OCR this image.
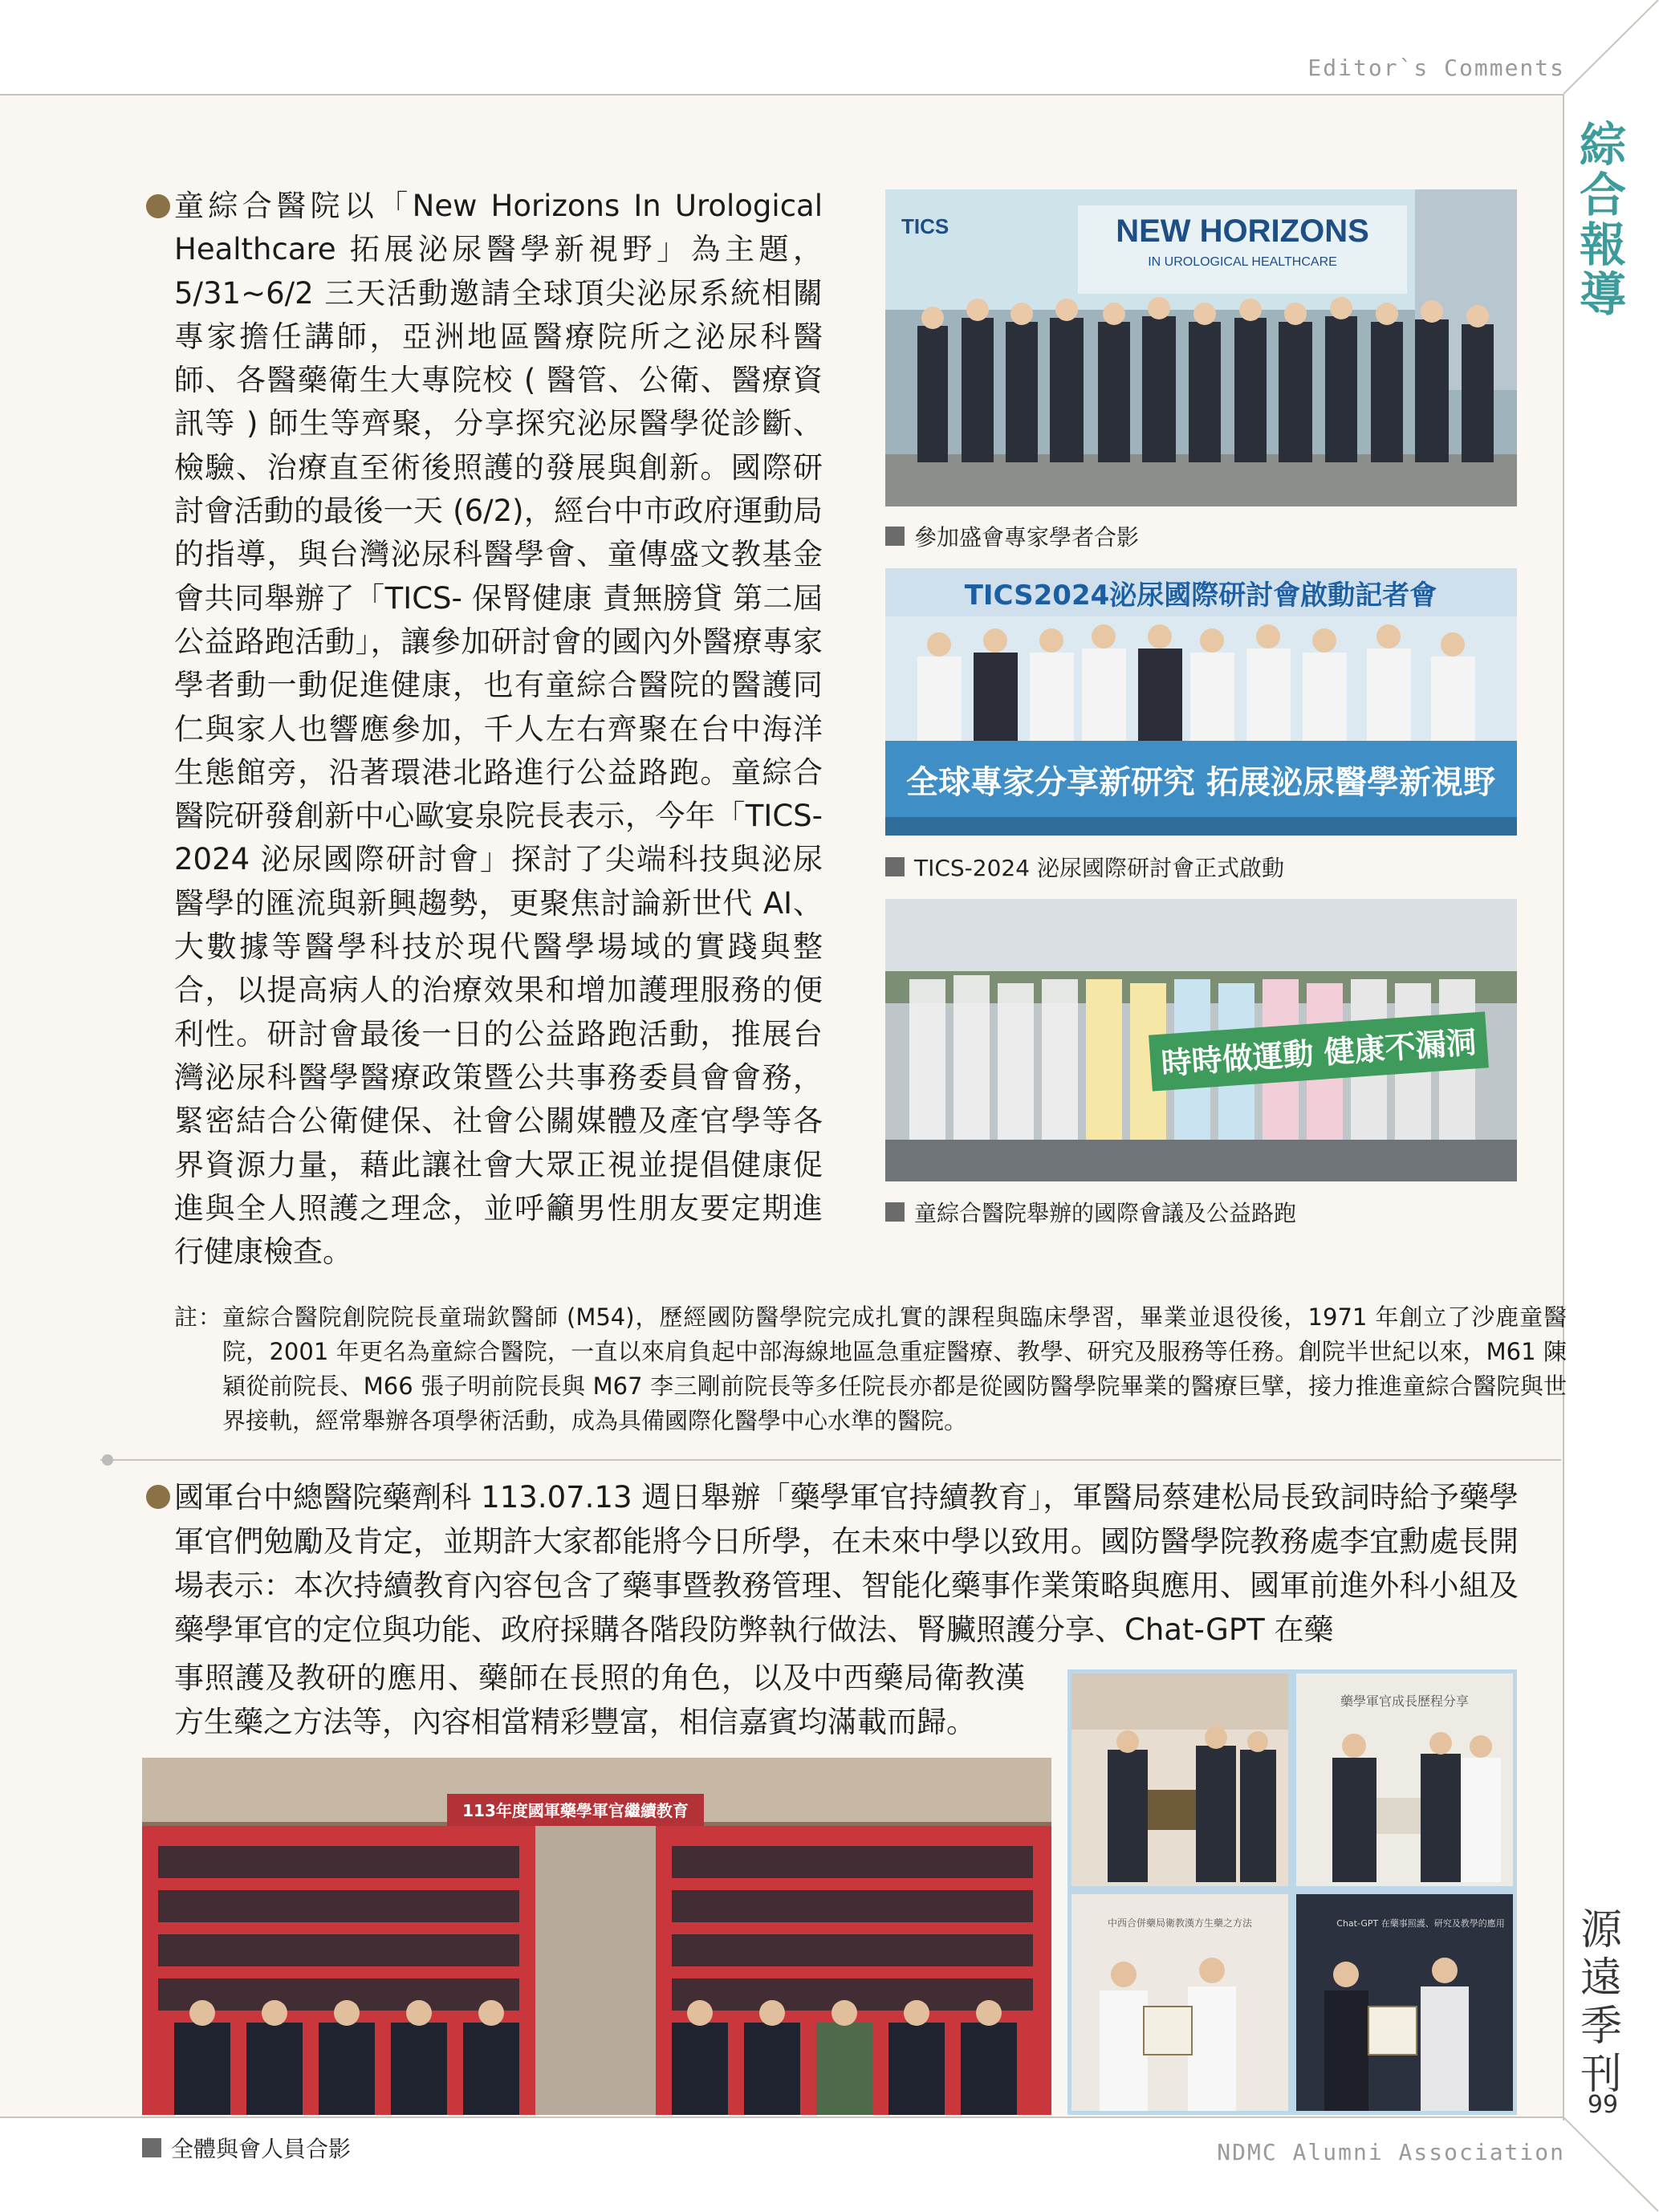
Editor`s Comments
NDMC Alumni Association
綜
合
報
導
源
遠
季
刊
99
童綜合醫院以「New Horizons In Urological Healthcare 拓展泌尿醫學新視野」為主題，5/31~6/2 三天活動邀請全球頂尖泌尿系統相關專家擔任講師，亞洲地區醫療院所之泌尿科醫師、各醫藥衛生大專院校 ( 醫管、公衛、醫療資訊等 ) 師生等齊聚，分享探究泌尿醫學從診斷、檢驗、治療直至術後照護的發展與創新。國際研討會活動的最後一天 (6/2)，經台中市政府運動局的指導，與台灣泌尿科醫學會、童傳盛文教基金會共同舉辦了「TICS- 保腎健康 責無膀貸 第二屆公益路跑活動」，讓參加研討會的國內外醫療專家學者動一動促進健康，也有童綜合醫院的醫護同仁與家人也響應參加，千人左右齊聚在台中海洋生態館旁，沿著環港北路進行公益路跑。童綜合醫院研發創新中心歐宴泉院長表示，今年「TICS-2024 泌尿國際研討會」探討了尖端科技與泌尿醫學的匯流與新興趨勢，更聚焦討論新世代 AI、大數據等醫學科技於現代醫學場域的實踐與整合，以提高病人的治療效果和增加護理服務的便利性。研討會最後一日的公益路跑活動，推展台灣泌尿科醫學醫療政策暨公共事務委員會會務，緊密結合公衛健保、社會公關媒體及產官學等各界資源力量，藉此讓社會大眾正視並提倡健康促進與全人照護之理念，並呼籲男性朋友要定期進行健康檢查。
TICS	NEW HORIZONS
IN UROLOGICAL HEALTHCARE
參加盛會專家學者合影
TICS2024泌尿國際研討會啟動記者會
全球專家分享新研究 拓展泌尿醫學新視野
TICS-2024 泌尿國際研討會正式啟動
時時做運動 健康不漏洞
童綜合醫院舉辦的國際會議及公益路跑
註：童綜合醫院創院院長童瑞欽醫師 (M54)，歷經國防醫學院完成扎實的課程與臨床學習，畢業並退役後，1971 年創立了沙鹿童醫院，2001 年更名為童綜合醫院，一直以來肩負起中部海線地區急重症醫療、教學、研究及服務等任務。創院半世紀以來，M61 陳穎從前院長、M66 張子明前院長與 M67 李三剛前院長等多任院長亦都是從國防醫學院畢業的醫療巨擘，接力推進童綜合醫院與世界接軌，經常舉辦各項學術活動，成為具備國際化醫學中心水準的醫院。
國軍台中總醫院藥劑科 113.07.13 週日舉辦「藥學軍官持續教育」，軍醫局蔡建松局長致詞時給予藥學軍官們勉勵及肯定，並期許大家都能將今日所學，在未來中學以致用。國防醫學院教務處李宜勳處長開場表示：本次持續教育內容包含了藥事暨教務管理、智能化藥事作業策略與應用、國軍前進外科小組及藥學軍官的定位與功能、政府採購各階段防弊執行做法、腎臟照護分享、Chat-GPT 在藥
事照護及教研的應用、藥師在長照的角色，以及中西藥局衛教漢方生藥之方法等，內容相當精彩豐富，相信嘉賓均滿載而歸。
113年度國軍藥學軍官繼續教育
全體與會人員合影
藥學軍官成長歷程分享
中西合併藥局衛教漢方生藥之方法	Chat-GPT 在藥事照護、研究及教學的應用
